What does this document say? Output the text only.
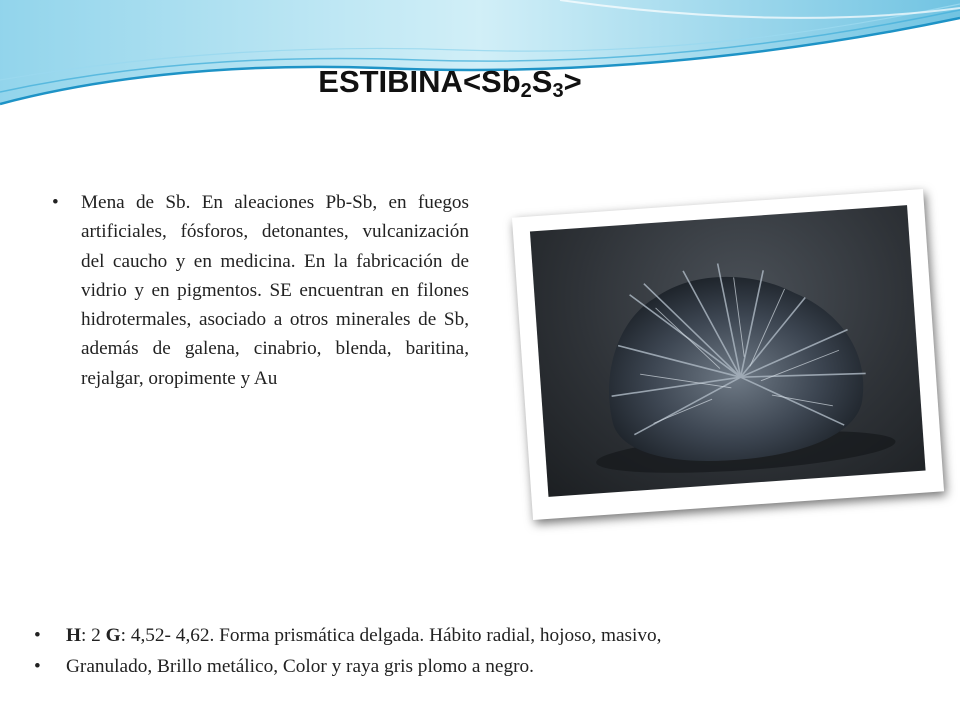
$ESTIBINA<Sb_2S_3>$
• Mena de Sb. En aleaciones Pb-Sb, en fuegos artificiales, fósforos, detonantes, vulcanización del caucho y en medicina. En la fabricación de vidrio y en pigmentos. SE encuentran en filones hidrotermales, asociado a otros minerales de Sb, además de galena, cinabrio, blenda, baritina, rejalgar, oropimente y Au
• H: 2 G: 4,52- 4,62. Forma prismática delgada. Hábito radial, hojoso, masivo,
• Granulado, Brillo metálico, Color y raya gris plomo a negro.
